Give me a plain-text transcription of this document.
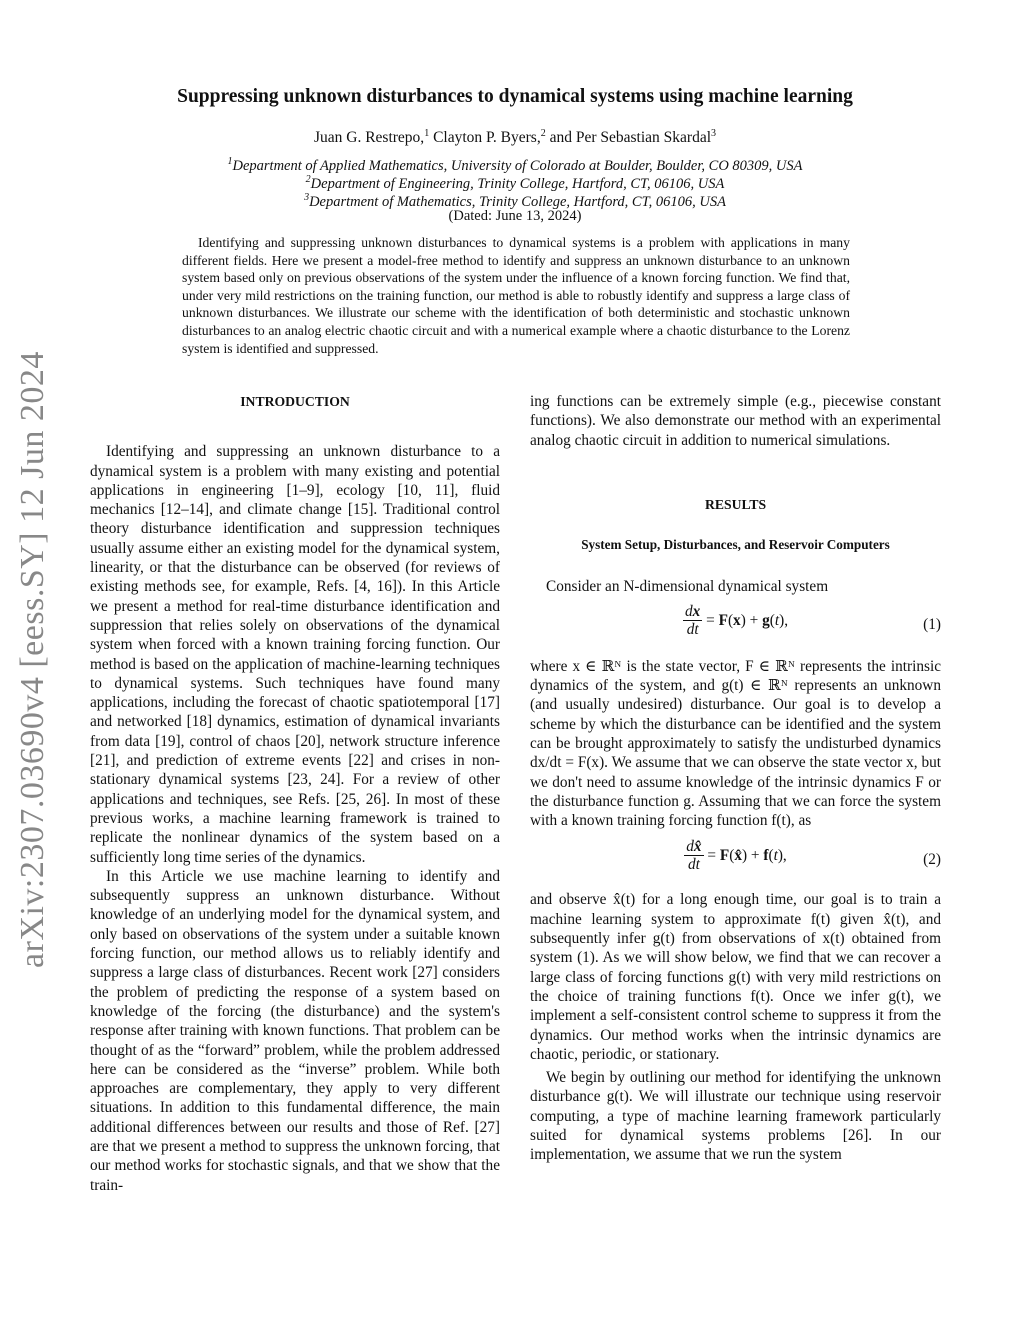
arXiv:2307.03690v4 [eess.SY] 12 Jun 2024
Suppressing unknown disturbances to dynamical systems using machine learning
Juan G. Restrepo,$^1$ Clayton P. Byers,$^2$ and Per Sebastian Skardal$^3$
$^1$Department of Applied Mathematics, University of Colorado at Boulder, Boulder, CO 80309, USA
$^2$Department of Engineering, Trinity College, Hartford, CT, 06106, USA
$^3$Department of Mathematics, Trinity College, Hartford, CT, 06106, USA
(Dated: June 13, 2024)
Identifying and suppressing unknown disturbances to dynamical systems is a problem with applications in many different fields. Here we present a model-free method to identify and suppress an unknown disturbance to an unknown system based only on previous observations of the system under the influence of a known forcing function. We find that, under very mild restrictions on the training function, our method is able to robustly identify and suppress a large class of unknown disturbances. We illustrate our scheme with the identification of both deterministic and stochastic unknown disturbances to an analog electric chaotic circuit and with a numerical example where a chaotic disturbance to the Lorenz system is identified and suppressed.

INTRODUCTION

Identifying and suppressing an unknown disturbance to a dynamical system is a problem with many existing and potential applications in engineering [1–9], ecology [10, 11], fluid mechanics [12–14], and climate change [15]. Traditional control theory disturbance identification and suppression techniques usually assume either an existing model for the dynamical system, linearity, or that the disturbance can be observed (for reviews of existing methods see, for example, Refs. [4, 16]). In this Article we present a method for real-time disturbance identification and suppression that relies solely on observations of the dynamical system when forced with a known training forcing function. Our method is based on the application of machine-learning techniques to dynamical systems. Such techniques have found many applications, including the forecast of chaotic spatiotemporal [17] and networked [18] dynamics, estimation of dynamical invariants from data [19], control of chaos [20], network structure inference [21], and prediction of extreme events [22] and crises in non-stationary dynamical systems [23, 24]. For a review of other applications and techniques, see Refs. [25, 26]. In most of these previous works, a machine learning framework is trained to replicate the nonlinear dynamics of the system based on a sufficiently long time series of the dynamics.

In this Article we use machine learning to identify and subsequently suppress an unknown disturbance. Without knowledge of an underlying model for the dynamical system, and only based on observations of the system under a suitable known forcing function, our method allows us to reliably identify and suppress a large class of disturbances. Recent work [27] considers the problem of predicting the response of a system based on knowledge of the forcing (the disturbance) and the system's response after training with known functions. That problem can be thought of as the “forward” problem, while the problem addressed here can be considered as the “inverse” problem. While both approaches are complementary, they apply to very different situations. In addition to this fundamental difference, the main additional differences between our results and those of Ref. [27] are that we present a method to suppress the unknown forcing, that our method works for stochastic signals, and that we show that the train-

ing functions can be extremely simple (e.g., piecewise constant functions). We also demonstrate our method with an experimental analog chaotic circuit in addition to numerical simulations.

RESULTS

System Setup, Disturbances, and Reservoir Computers

Consider an N-dimensional dynamical system

$\frac{dx}{dt} = F(x) + g(t)$,	(1)

where x ∈ ℝᴺ is the state vector, F ∈ ℝᴺ represents the intrinsic dynamics of the system, and g(t) ∈ ℝᴺ represents an unknown (and usually undesired) disturbance. Our goal is to develop a scheme by which the disturbance can be identified and the system can be brought approximately to satisfy the undisturbed dynamics dx/dt = F(x). We assume that we can observe the state vector x, but we don't need to assume knowledge of the intrinsic dynamics F or the disturbance function g. Assuming that we can force the system with a known training forcing function f(t), as

$\frac{dx̂}{dt}$ = F(x̂) + f(t),	(2)

and observe x̂(t) for a long enough time, our goal is to train a machine learning system to approximate f(t) given x̂(t), and subsequently infer g(t) from observations of x(t) obtained from system (1). As we will show below, we find that we can recover a large class of forcing functions g(t) with very mild restrictions on the choice of training functions f(t). Once we infer g(t), we implement a self-consistent control scheme to suppress it from the dynamics. Our method works when the intrinsic dynamics are chaotic, periodic, or stationary.

We begin by outlining our method for identifying the unknown disturbance g(t). We will illustrate our technique using reservoir computing, a type of machine learning framework particularly suited for dynamical systems problems [26]. In our implementation, we assume that we run the system
